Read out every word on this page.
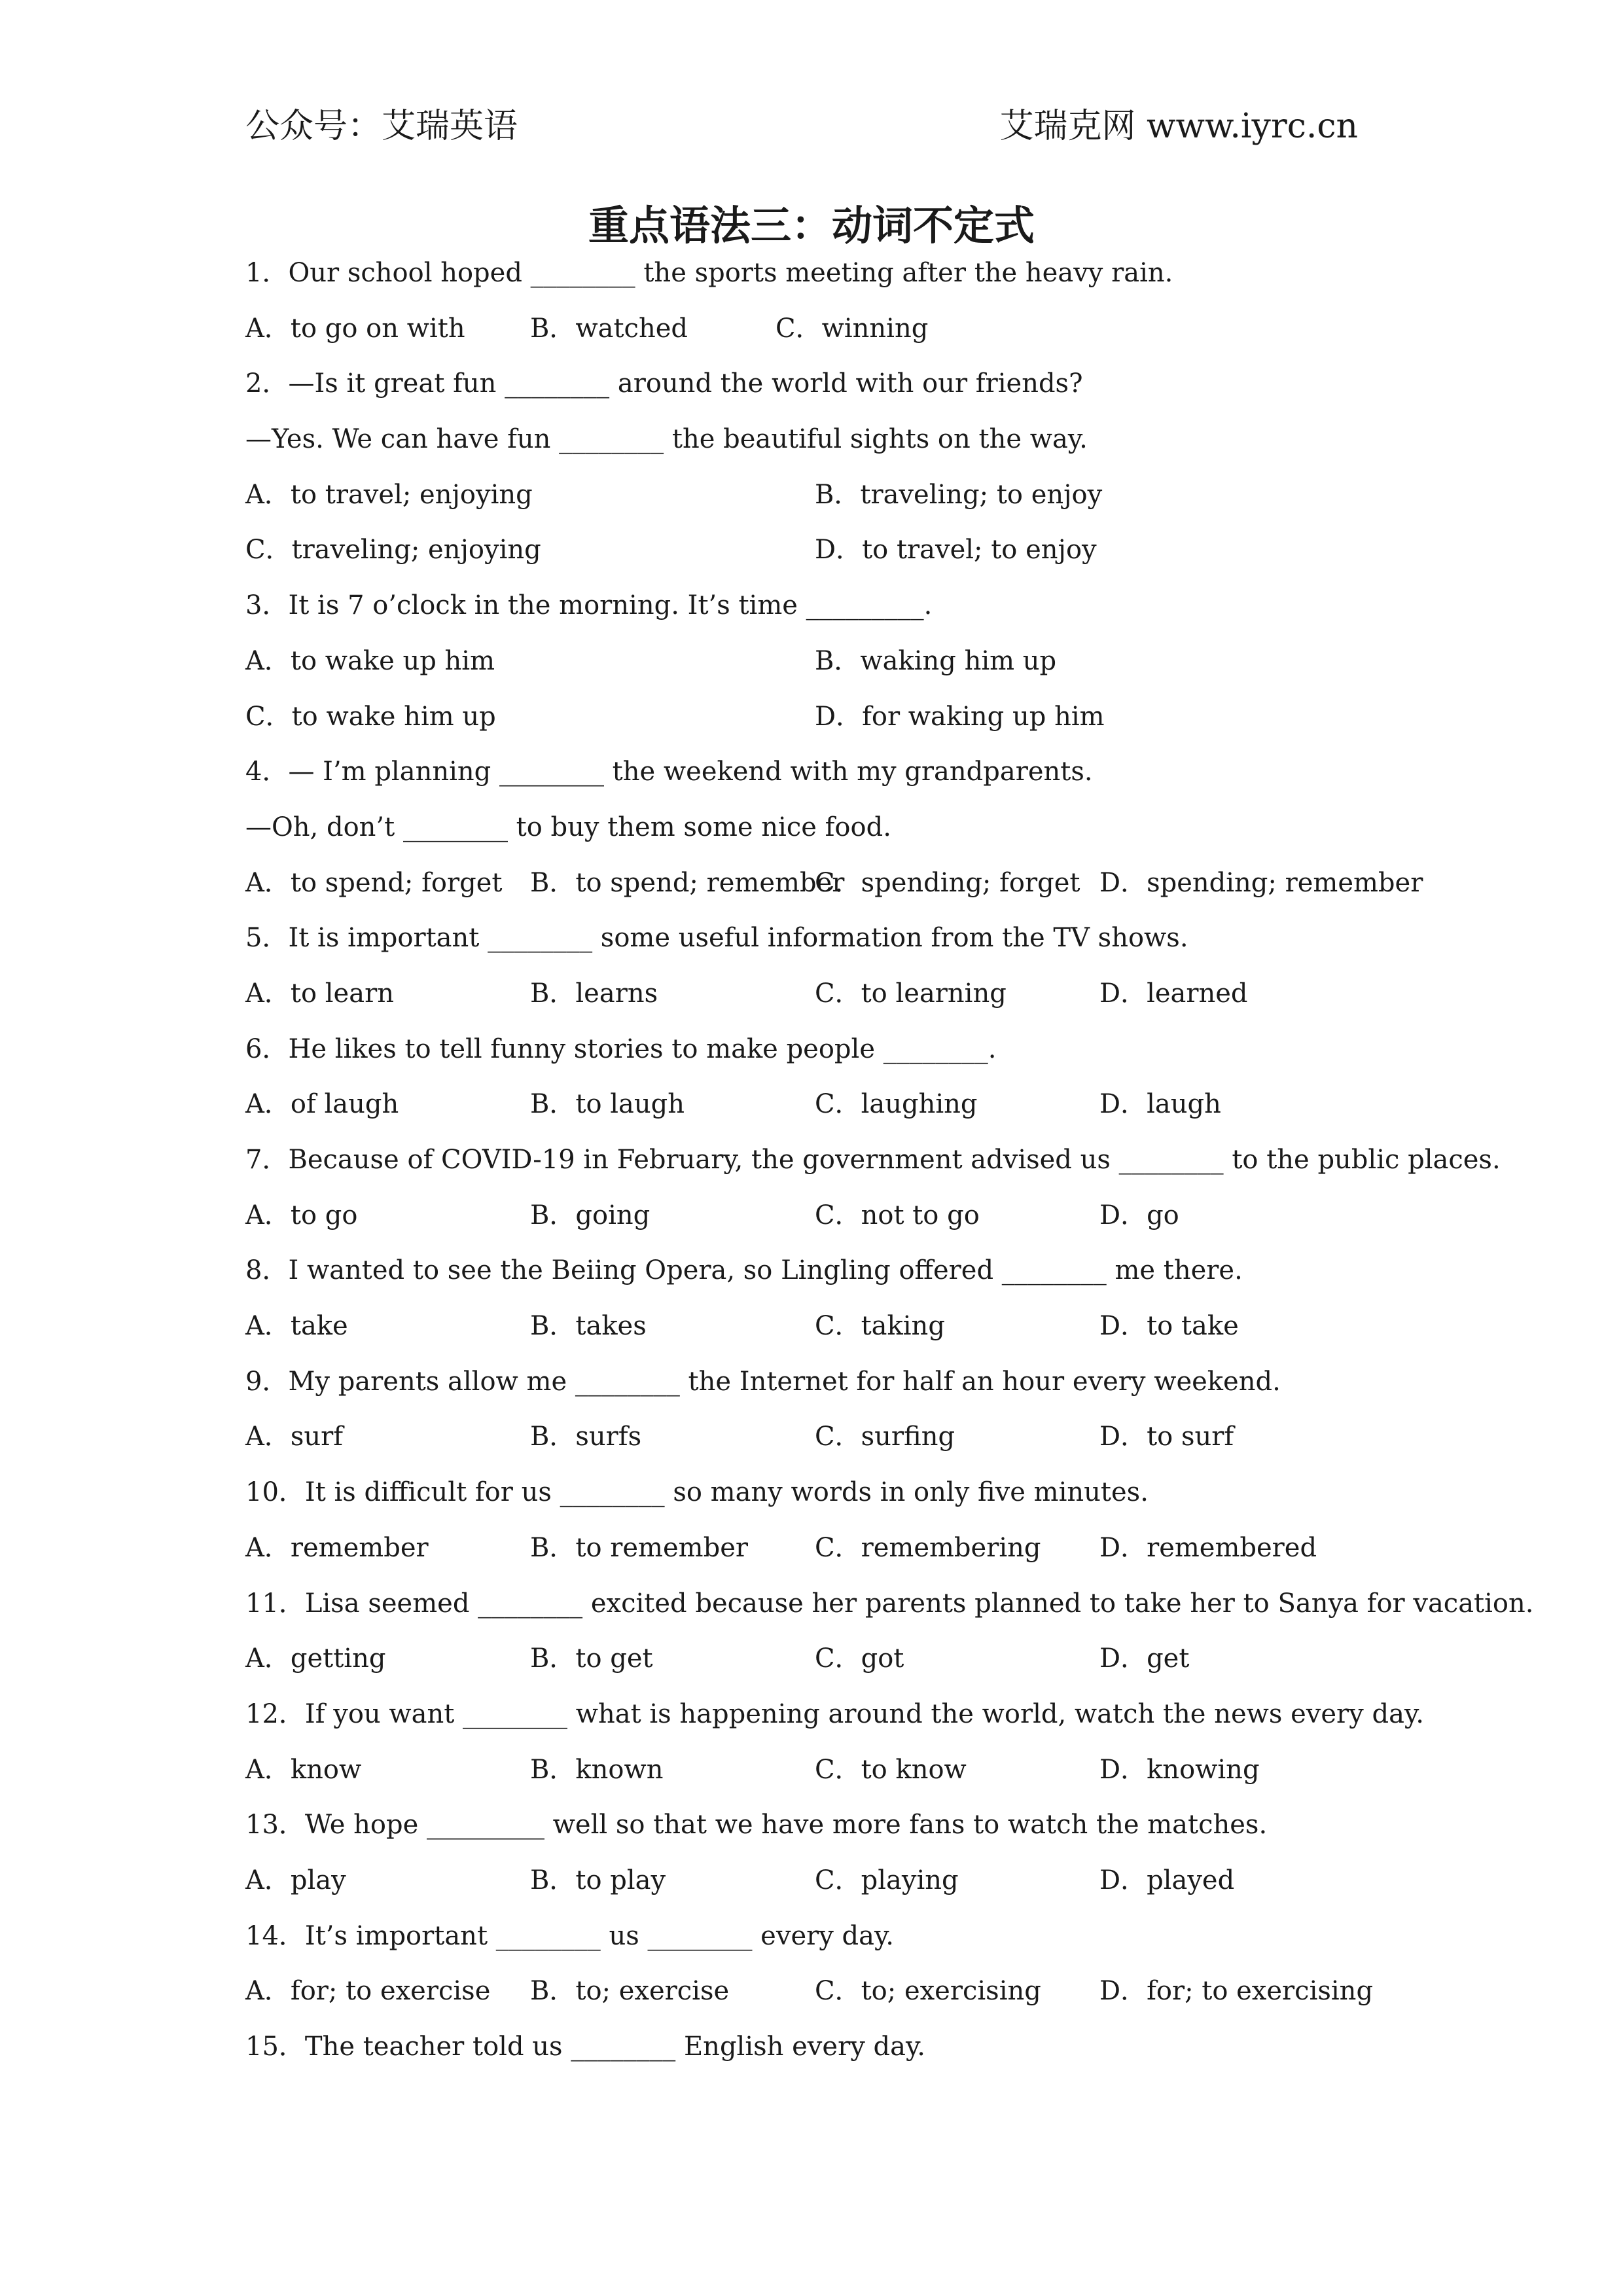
公众号：艾瑞英语	艾瑞克网 www.iyrc.cn
重点语法三：动词不定式
1．Our school hoped ________ the sports meeting after the heavy rain.
A．to go on with B．watched	C．winning
2．—Is it great fun ________ around the world with our friends?
—Yes. We can have fun ________ the beautiful sights on the way.
A．to travel; enjoying	B．traveling; to enjoy
C．traveling; enjoying	D．to travel; to enjoy
3．It is 7 o’clock in the morning. It’s time _________.
A．to wake up him	B．waking him up
C．to wake him up	D．for waking up him
4．— I’m planning ________ the weekend with my grandparents.
—Oh, don’t ________ to buy them some nice food.
A．to spend; forget B．to spend; remember
C．spending; forget D．spending; remember
5．It is important ________ some useful information from the TV shows.
A．to learn	B．learns	C．to learning	D．learned
6．He likes to tell funny stories to make people ________.
A．of laugh	B．to laugh	C．laughing	D．laugh
7．Because of COVID-19 in February, the government advised us ________ to the public places.
A．to go	B．going	C．not to go	D．go
8．I wanted to see the Beiing Opera, so Lingling offered ________ me there.
A．take	B．takes	C．taking	D．to take
9．My parents allow me ________ the Internet for half an hour every weekend.
A．surf	B．surfs	C．surfing	D．to surf
10．It is difficult for us ________ so many words in only five minutes.
A．remember	B．to remember	C．remembering D．remembered
11．Lisa seemed ________ excited because her parents planned to take her to Sanya for vacation.
A．getting	B．to get	C．got	D．get
12．If you want ________ what is happening around the world, watch the news every day.
A．know	B．known	C．to know	D．knowing
13．We hope _________ well so that we have more fans to watch the matches.
A．play	B．to play	C．playing	D．played
14．It’s important ________ us ________ every day.
A．for; to exercise B．to; exercise	C．to; exercising D．for; to exercising
15．The teacher told us ________ English every day.
